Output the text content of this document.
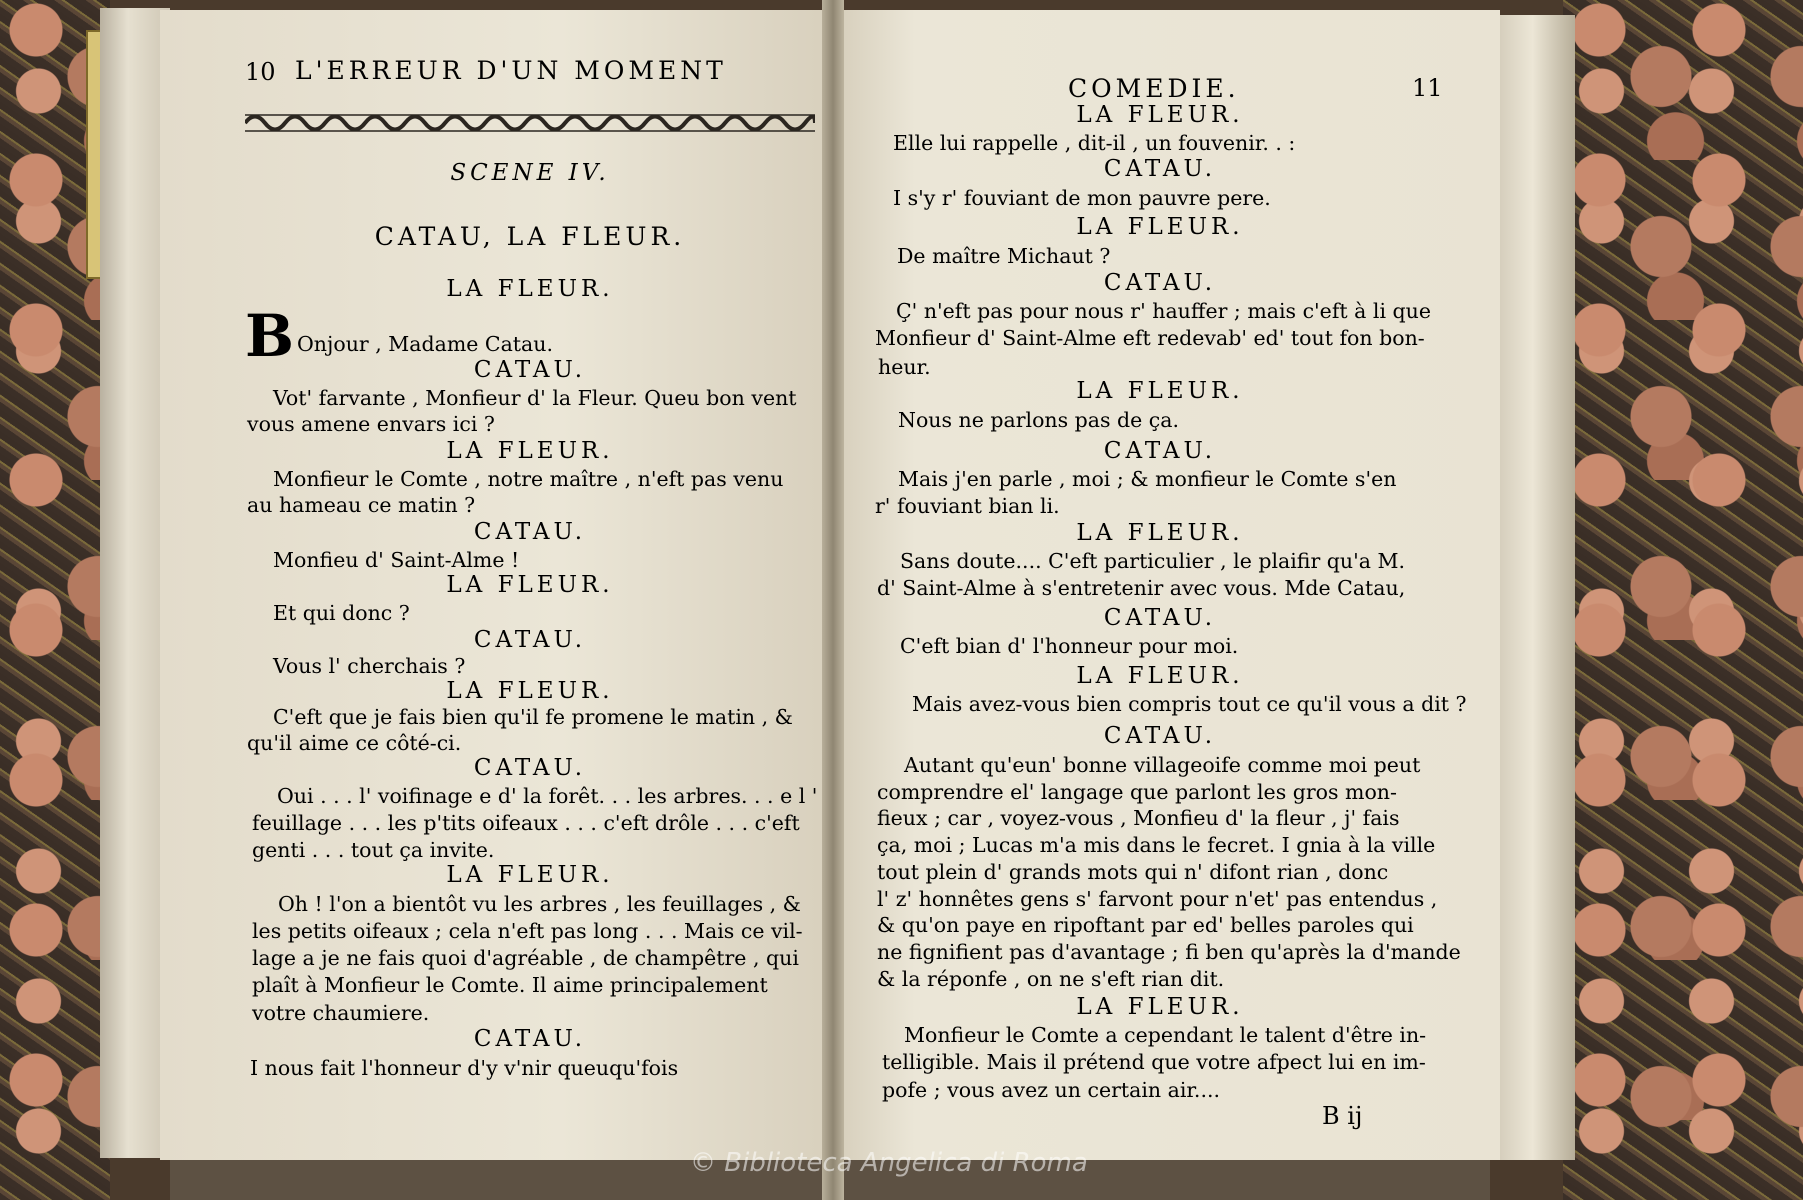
10 L'ERREUR D'UN MOMENT
SCENE IV.
CATAU, LA FLEUR.
LA FLEUR.
B Onjour , Madame Catau.
CATAU.
Vot' farvante , Monfieur d' la Fleur. Queu bon vent
vous amene envars ici ?
LA FLEUR.
Monfieur le Comte , notre maître , n'eft pas venu
au hameau ce matin ?
CATAU.
Monfieu d' Saint-Alme !
LA FLEUR.
Et qui donc ?
CATAU.
Vous l' cherchais ?
LA FLEUR.
C'eft que je fais bien qu'il fe promene le matin , &
qu'il aime ce côté-ci.
CATAU.
Oui . . . l' voifinage e d' la forêt. . . les arbres. . . e l '
feuillage . . . les p'tits oifeaux . . . c'eft drôle . . . c'eft
genti . . . tout ça invite.
LA FLEUR.
Oh ! l'on a bientôt vu les arbres , les feuillages , &
les petits oifeaux ; cela n'eft pas long . . . Mais ce vil-
lage a je ne fais quoi d'agréable , de champêtre , qui
plaît à Monfieur le Comte. Il aime principalement
votre chaumiere.
CATAU.
I nous fait l'honneur d'y v'nir queuqu'fois
COMEDIE.	11
LA FLEUR.
Elle lui rappelle , dit-il , un fouvenir. . :
CATAU.
I s'y r' fouviant de mon pauvre pere.
LA FLEUR.
De maître Michaut ?
CATAU.
Ç' n'eft pas pour nous r' hauffer ; mais c'eft à li que
Monfieur d' Saint-Alme eft redevab' ed' tout fon bon-
heur.
LA FLEUR.
Nous ne parlons pas de ça.
CATAU.
Mais j'en parle , moi ; & monfieur le Comte s'en
r' fouviant bian li.
LA FLEUR.
Sans doute.... C'eft particulier , le plaifir qu'a M.
d' Saint-Alme à s'entretenir avec vous. Mde Catau,
CATAU.
C'eft bian d' l'honneur pour moi.
LA FLEUR.
Mais avez-vous bien compris tout ce qu'il vous a dit ?
CATAU.
Autant qu'eun' bonne villageoife comme moi peut
comprendre el' langage que parlont les gros mon-
fieux ; car , voyez-vous , Monfieu d' la fleur , j' fais
ça, moi ; Lucas m'a mis dans le fecret. I gnia à la ville
tout plein d' grands mots qui n' difont rian , donc
l' z' honnêtes gens s' farvont pour n'et' pas entendus ,
& qu'on paye en ripoftant par ed' belles paroles qui
ne fignifient pas d'avantage ; fi ben qu'après la d'mande
& la réponfe , on ne s'eft rian dit.
LA FLEUR.
Monfieur le Comte a cependant le talent d'être in-
telligible. Mais il prétend que votre afpect lui en im-
pofe ; vous avez un certain air....
B ij
© Biblioteca Angelica di Roma
